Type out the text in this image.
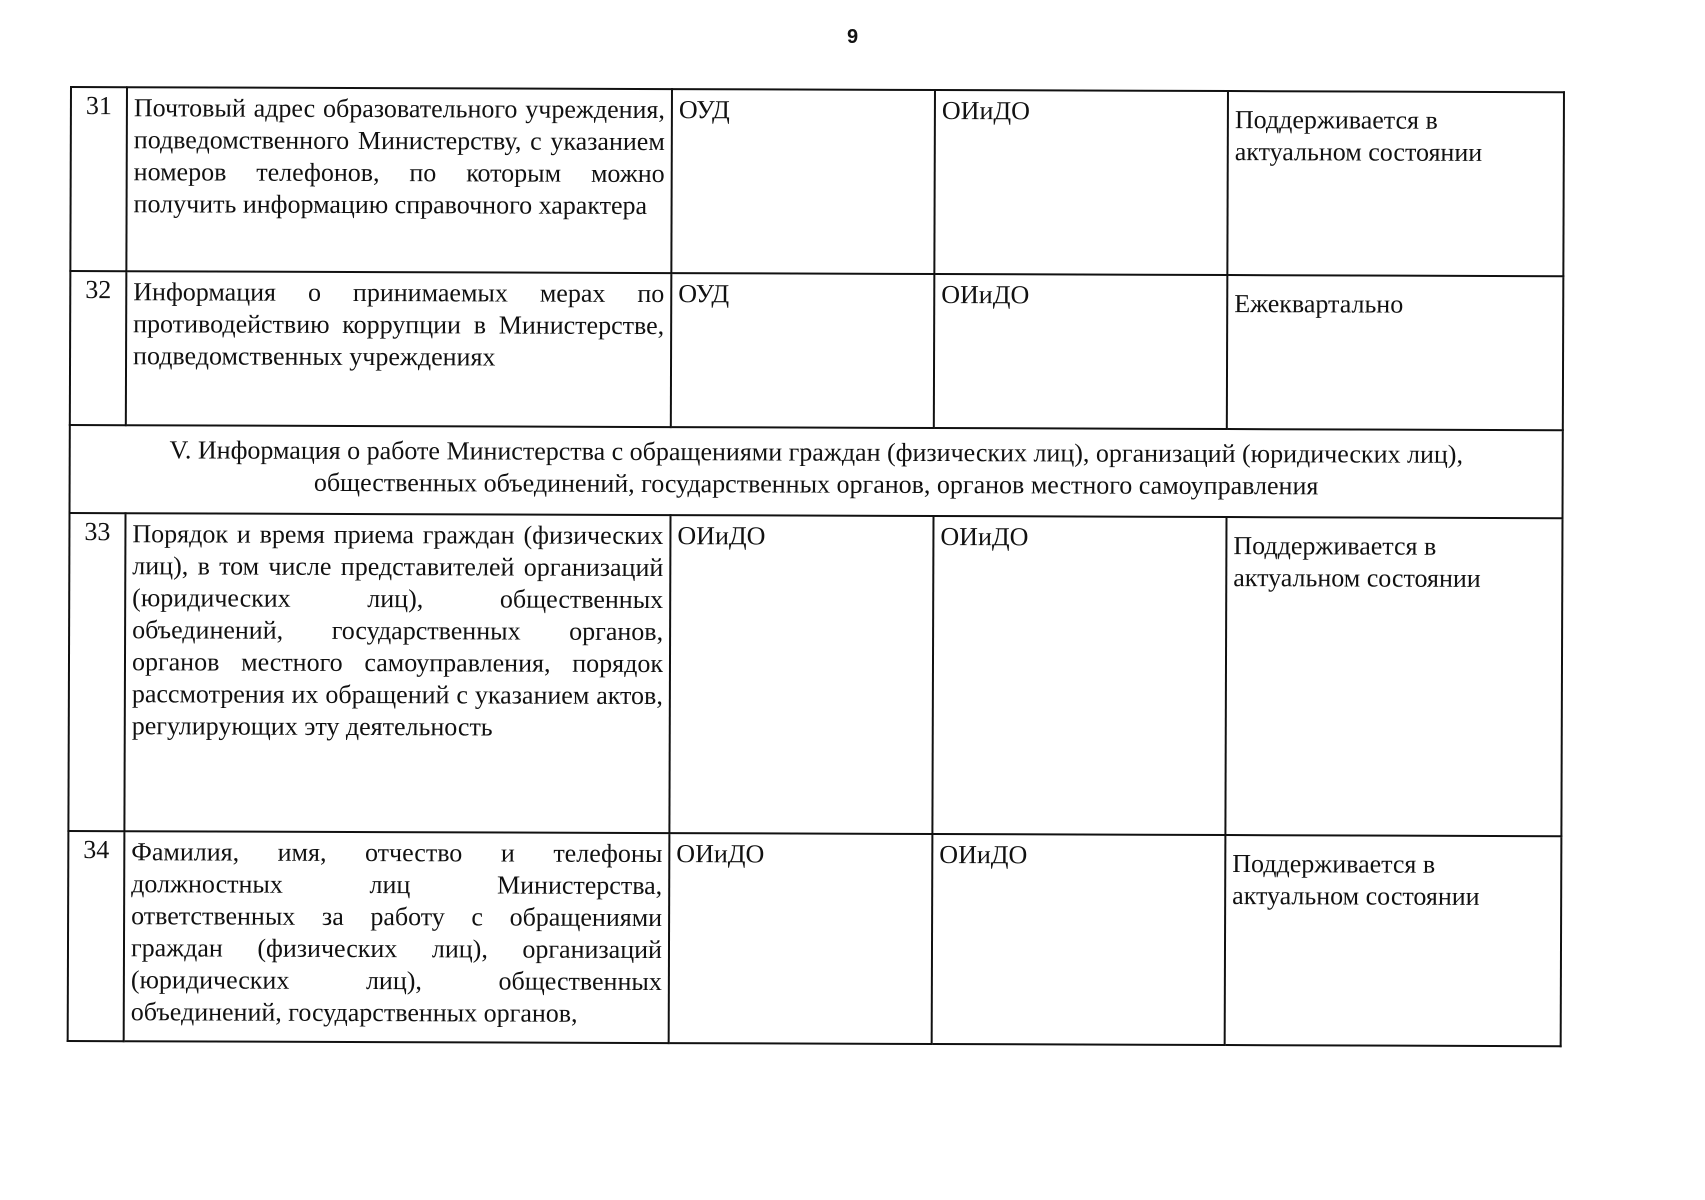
9
31	Почтовый адрес образовательного учреждения, подведомственного Министерству, с указанием номеров телефонов, по которым можно получить информацию справочного характера	ОУД	ОИиДО	Поддерживается в актуальном состоянии
32	Информация о принимаемых мерах по противодействию коррупции в Министерстве, подведомственных учреждениях	ОУД	ОИиДО	Ежеквартально
V. Информация о работе Министерства с обращениями граждан (физических лиц), организаций (юридических лиц), общественных объединений, государственных органов, органов местного самоуправления				
33	Порядок и время приема граждан (физических лиц), в том числе представителей организаций (юридических лиц), общественных объединений, государственных органов, органов местного самоуправления, порядок рассмотрения их обращений с указанием актов, регулирующих эту деятельность	ОИиДО	ОИиДО	Поддерживается в актуальном состоянии
34	Фамилия, имя, отчество и телефоны должностных лиц Министерства, ответственных за работу с обращениями граждан (физических лиц), организаций (юридических лиц), общественных объединений, государственных органов,	ОИиДО	ОИиДО	Поддерживается в актуальном состоянии
